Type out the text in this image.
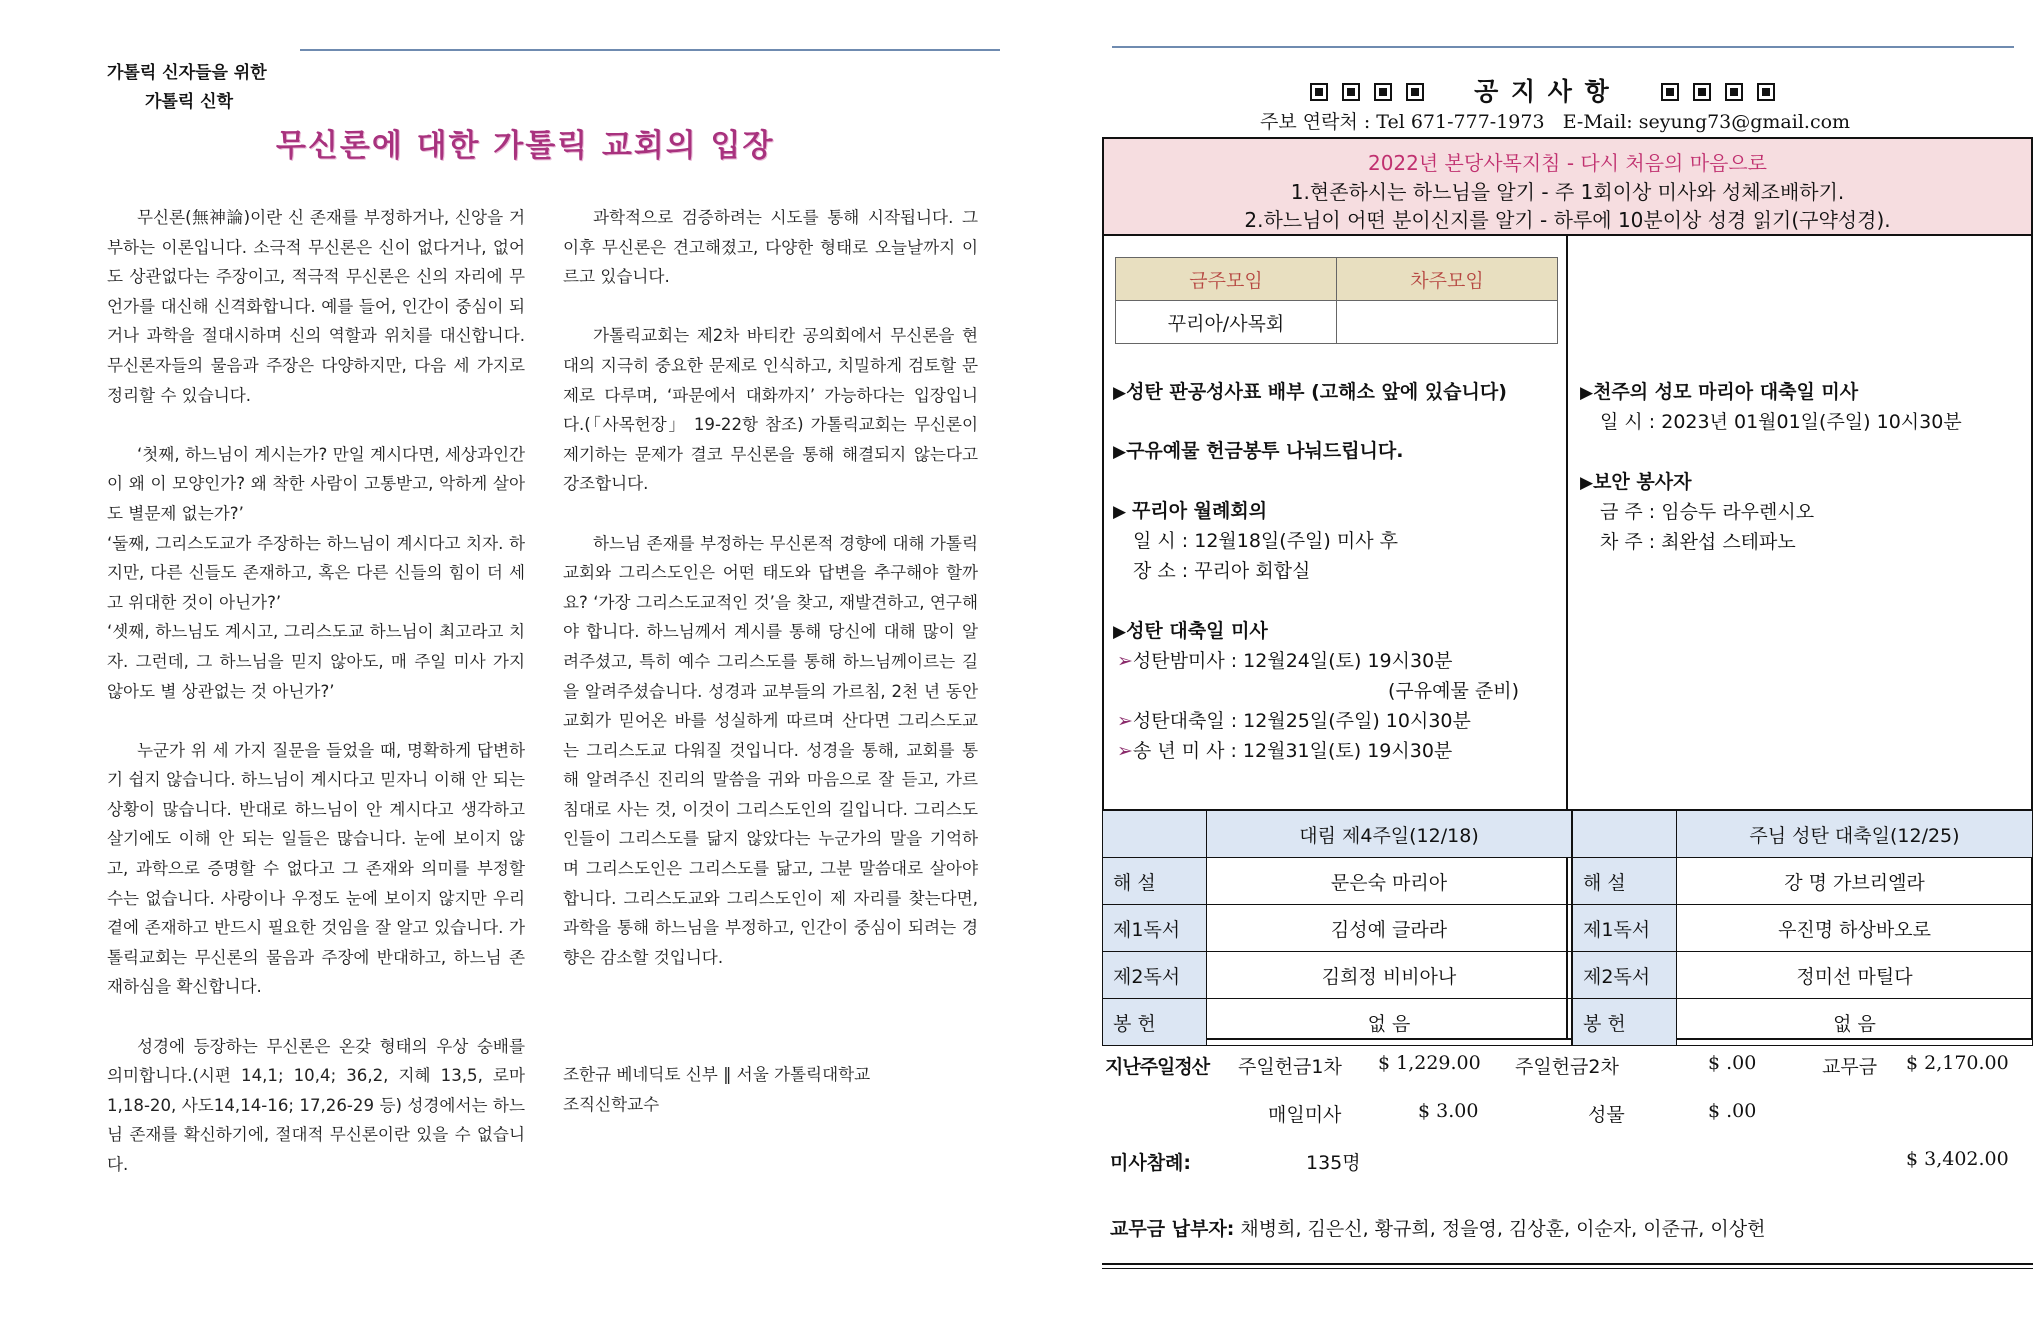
가톨릭 신자들을 위한
가톨릭 신학
무신론에 대한 가톨릭 교회의 입장

무신론(無神論)이란 신 존재를 부정하거나, 신앙을 거부하는 이론입니다. 소극적 무신론은 신이 없다거나, 없어도 상관없다는 주장이고, 적극적 무신론은 신의 자리에 무언가를 대신해 신격화합니다. 예를 들어, 인간이 중심이 되거나 과학을 절대시하며 신의 역할과 위치를 대신합니다. 무신론자들의 물음과 주장은 다양하지만, 다음 세 가지로 정리할 수 있습니다.

‘첫째, 하느님이 계시는가? 만일 계시다면, 세상과인간이 왜 이 모양인가? 왜 착한 사람이 고통받고, 악하게 살아도 별문제 없는가?’

‘둘째, 그리스도교가 주장하는 하느님이 계시다고 치자. 하지만, 다른 신들도 존재하고, 혹은 다른 신들의 힘이 더 세고 위대한 것이 아닌가?’

‘셋째, 하느님도 계시고, 그리스도교 하느님이 최고라고 치자. 그런데, 그 하느님을 믿지 않아도, 매 주일 미사 가지 않아도 별 상관없는 것 아닌가?’

누군가 위 세 가지 질문을 들었을 때, 명확하게 답변하기 쉽지 않습니다. 하느님이 계시다고 믿자니 이해 안 되는 상황이 많습니다. 반대로 하느님이 안 계시다고 생각하고 살기에도 이해 안 되는 일들은 많습니다. 눈에 보이지 않고, 과학으로 증명할 수 없다고 그 존재와 의미를 부정할 수는 없습니다. 사랑이나 우정도 눈에 보이지 않지만 우리 곁에 존재하고 반드시 필요한 것임을 잘 알고 있습니다. 가톨릭교회는 무신론의 물음과 주장에 반대하고, 하느님 존재하심을 확신합니다.

성경에 등장하는 무신론은 온갖 형태의 우상 숭배를 의미합니다.(시편 14,1; 10,4; 36,2, 지혜 13,5, 로마 1,18-20, 사도14,14-16; 17,26-29 등) 성경에서는 하느님 존재를 확신하기에, 절대적 무신론이란 있을 수 없습니다.

과학적으로 검증하려는 시도를 통해 시작됩니다. 그 이후 무신론은 견고해졌고, 다양한 형태로 오늘날까지 이르고 있습니다.

가톨릭교회는 제2차 바티칸 공의회에서 무신론을 현대의 지극히 중요한 문제로 인식하고, 치밀하게 검토할 문제로 다루며, ‘파문에서 대화까지’ 가능하다는 입장입니다.(「사목헌장」 19-22항 참조) 가톨릭교회는 무신론이 제기하는 문제가 결코 무신론을 통해 해결되지 않는다고 강조합니다.

하느님 존재를 부정하는 무신론적 경향에 대해 가톨릭교회와 그리스도인은 어떤 태도와 답변을 추구해야 할까요? ‘가장 그리스도교적인 것’을 찾고, 재발견하고, 연구해야 합니다. 하느님께서 계시를 통해 당신에 대해 많이 알려주셨고, 특히 예수 그리스도를 통해 하느님께이르는 길을 알려주셨습니다. 성경과 교부들의 가르침, 2천 년 동안 교회가 믿어온 바를 성실하게 따르며 산다면 그리스도교는 그리스도교 다워질 것입니다. 성경을 통해, 교회를 통해 알려주신 진리의 말씀을 귀와 마음으로 잘 듣고, 가르침대로 사는 것, 이것이 그리스도인의 길입니다. 그리스도인들이 그리스도를 닮지 않았다는 누군가의 말을 기억하며 그리스도인은 그리스도를 닮고, 그분 말씀대로 살아야 합니다. 그리스도교와 그리스도인이 제 자리를 찾는다면, 과학을 통해 하느님을 부정하고, 인간이 중심이 되려는 경향은 감소할 것입니다.

조한규 베네딕토 신부 ‖ 서울 가톨릭대학교

조직신학교수

공 지 사 항
주보 연락처 : Tel 671-777-1973   E-Mail: seyung73@gmail.com
2022년 본당사목지침 - 다시 처음의 마음으로
1.현존하시는 하느님을 알기 - 주 1회이상 미사와 성체조배하기.
2.하느님이 어떤 분이신지를 알기 - 하루에 10분이상 성경 읽기(구약성경).
금주모임	차주모임
꾸리아/사목회	
▶성탄 판공성사표 배부 (고해소 앞에 있습니다)
▶구유예물 헌금봉투 나눠드립니다.
▶ 꾸리아 월례회의
일 시 : 12월18일(주일) 미사 후
장 소 : 꾸리아 회합실
▶성탄 대축일 미사
➢성탄밤미사 : 12월24일(토) 19시30분
(구유예물 준비)
➢성탄대축일 : 12월25일(주일) 10시30분
➢송 년 미 사 : 12월31일(토) 19시30분
▶천주의 성모 마리아 대축일 미사
일 시 : 2023년 01월01일(주일) 10시30분
▶보안 봉사자
금 주 : 임승두 라우렌시오
차 주 : 최완섭 스테파노
	대림 제4주일(12/18)		주님 성탄 대축일(12/25)
해 설	문은숙 마리아	해 설	강 명 가브리엘라
제1독서	김성예 글라라	제1독서	우진명 하상바오로
제2독서	김희정 비비아나	제2독서	정미선 마틸다
봉 헌	없 음	봉 헌	없 음
지난주일정산 주일헌금1차 $ 1,229.00 주일헌금2차	$ .00	교무금 $ 2,170.00
매일미사	$ 3.00	성물	$ .00
미사참례:	135명	$ 3,402.00
교무금 납부자: 채병희, 김은신, 황규희, 정을영, 김상훈, 이순자, 이준규, 이상헌
